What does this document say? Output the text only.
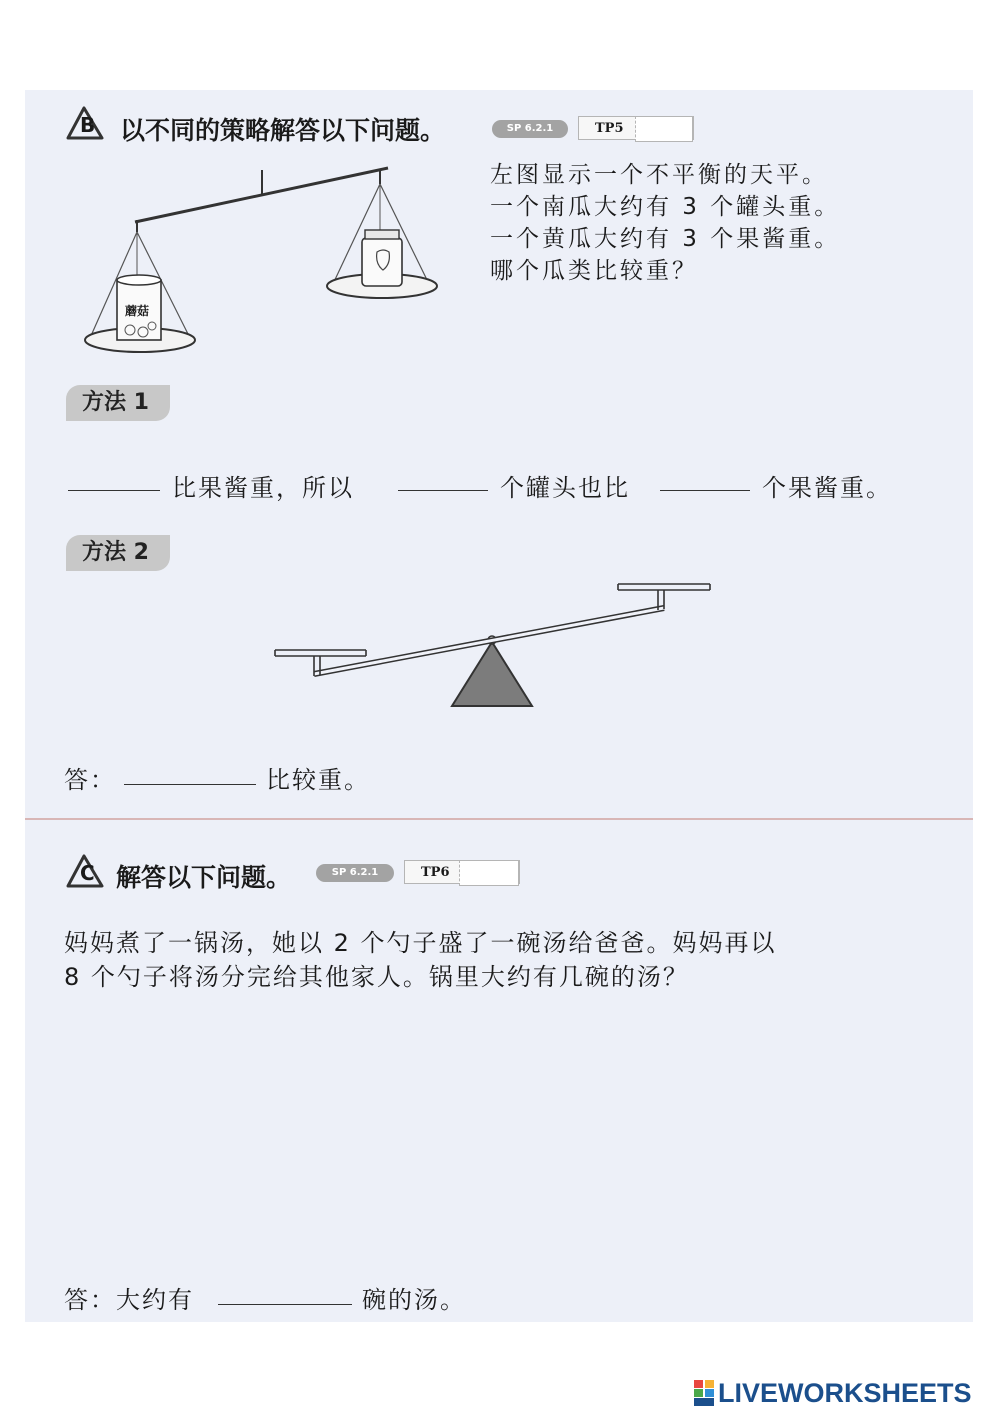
B 以不同的策略解答以下问题。	SP 6.2.1	TP5
蘑菇
左图显示一个不平衡的天平。
一个南瓜大约有 3 个罐头重。
一个黄瓜大约有 3 个果酱重。
哪个瓜类比较重？
方法 1
比果酱重，所以	个罐头也比	个果酱重。
方法 2
答：	比较重。
C 解答以下问题。	SP 6.2.1	TP6
妈妈煮了一锅汤，她以 2 个勺子盛了一碗汤给爸爸。妈妈再以
8 个勺子将汤分完给其他家人。锅里大约有几碗的汤？
答：大约有	碗的汤。
LIVEWORKSHEETS
